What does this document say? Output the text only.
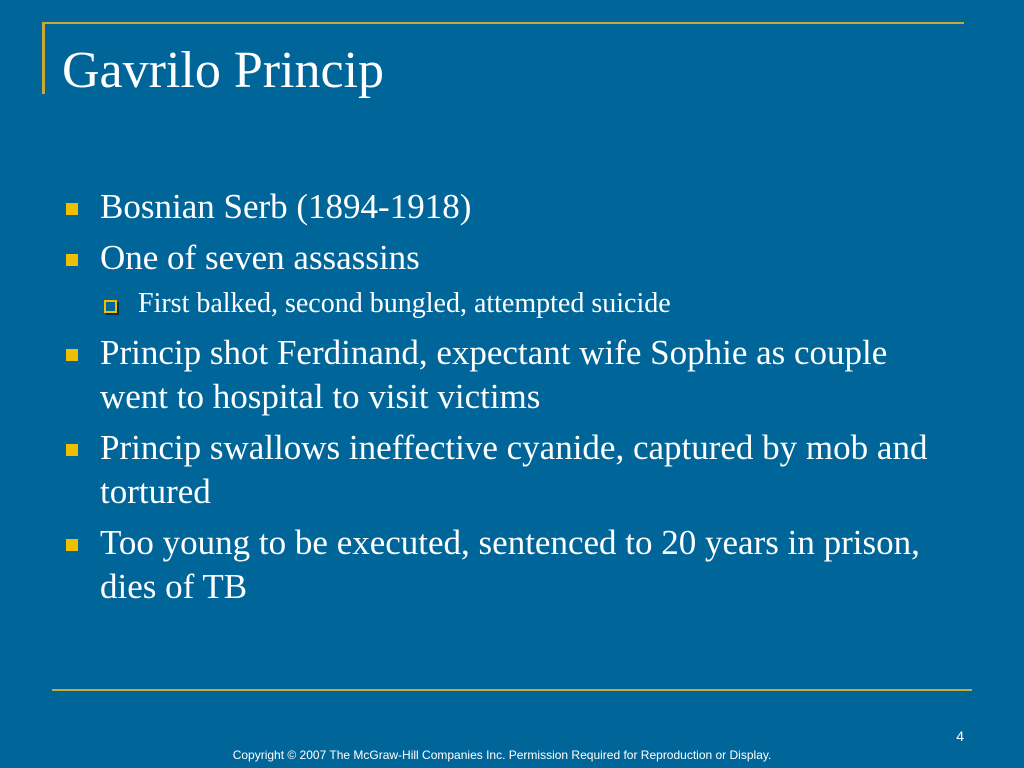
Gavrilo Princip
Bosnian Serb (1894-1918)
One of seven assassins
First balked, second bungled, attempted suicide
Princip shot Ferdinand, expectant wife Sophie as couple went to hospital to visit victims
Princip swallows ineffective cyanide, captured by mob and tortured
Too young to be executed, sentenced to 20 years in prison, dies of TB
4
Copyright © 2007 The McGraw-Hill Companies Inc. Permission Required for Reproduction or Display.
